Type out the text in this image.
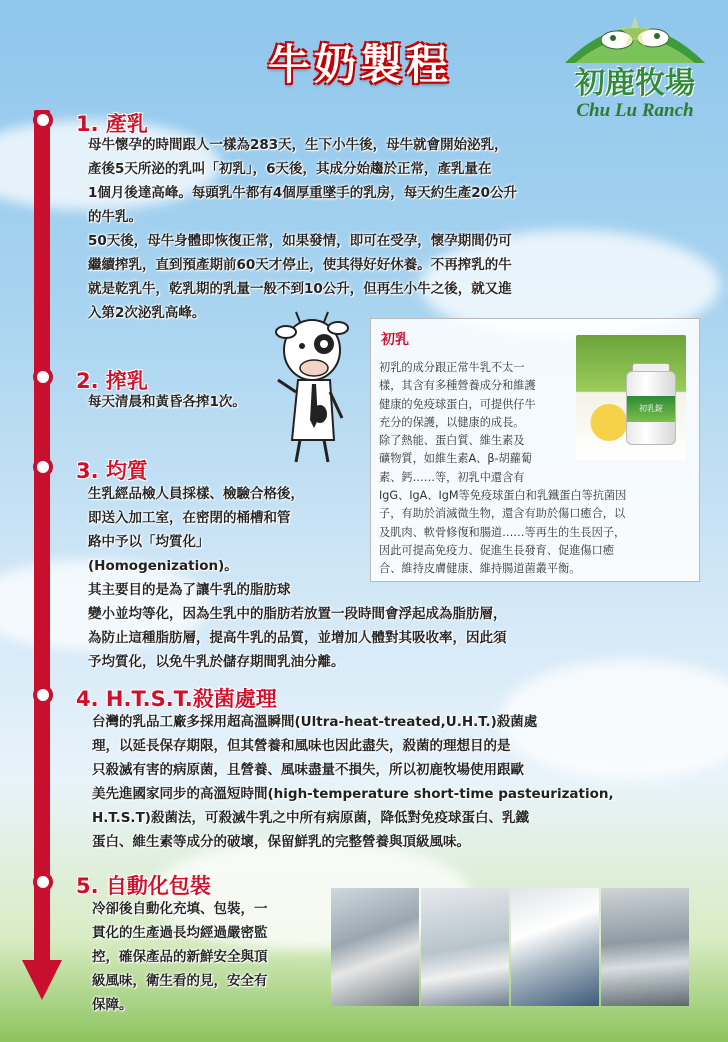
牛奶製程	初鹿牧場
Chu Lu Ranch
1. 產乳
母牛懷孕的時間跟人一樣為283天，生下小牛後，母牛就會開始泌乳，
產後5天所泌的乳叫「初乳」，6天後，其成分始趨於正常，產乳量在
1個月後達高峰。每頭乳牛都有4個厚重墜手的乳房，每天約生產20公升
的牛乳。
50天後，母牛身體即恢復正常，如果發情，即可在受孕，懷孕期間仍可
繼續搾乳，直到預產期前60天才停止，使其得好好休養。不再搾乳的牛
就是乾乳牛，乾乳期的乳量一般不到10公升，但再生小牛之後，就又進
入第2次泌乳高峰。
2. 搾乳
每天清晨和黃昏各搾1次。
初乳
初乳錠
初乳的成分跟正常牛乳不太一
樣，其含有多種營養成分和維護
健康的免疫球蛋白，可提供仔牛
充分的保護，以健康的成長。
除了熱能、蛋白質、維生素及
礦物質，如維生素A、β-胡蘿蔔
素、鈣……等，初乳中還含有
IgG、IgA、IgM等免疫球蛋白和乳鐵蛋白等抗菌因
子，有助於消滅微生物，還含有助於傷口癒合，以
及肌肉、軟骨修復和腸道……等再生的生長因子，
因此可提高免疫力、促進生長發育、促進傷口癒
合、維持皮膚健康、維持腸道菌叢平衡。
3. 均質
生乳經品檢人員採樣、檢驗合格後，
即送入加工室，在密閉的桶槽和管
路中予以「均質化」
(Homogenization)。
其主要目的是為了讓牛乳的脂肪球
變小並均等化，因為生乳中的脂肪若放置一段時間會浮起成為脂肪層，
為防止這種脂肪層，提高牛乳的品質，並增加人體對其吸收率，因此須
予均質化，以免牛乳於儲存期間乳油分離。
4. H.T.S.T.殺菌處理
台灣的乳品工廠多採用超高溫瞬間(Ultra-heat-treated,U.H.T.)殺菌處
理，以延長保存期限，但其營養和風味也因此盡失，殺菌的理想目的是
只殺滅有害的病原菌，且營養、風味盡量不損失，所以初鹿牧場使用跟歐
美先進國家同步的高溫短時間(high-temperature short-time pasteurization,
H.T.S.T)殺菌法，可殺滅牛乳之中所有病原菌，降低對免疫球蛋白、乳鐵
蛋白、維生素等成分的破壞，保留鮮乳的完整營養與頂級風味。
5. 自動化包裝
冷卻後自動化充填、包裝，一
貫化的生產過長均經過嚴密監
控，確保產品的新鮮安全與頂
級風味，衛生看的見，安全有
保障。
